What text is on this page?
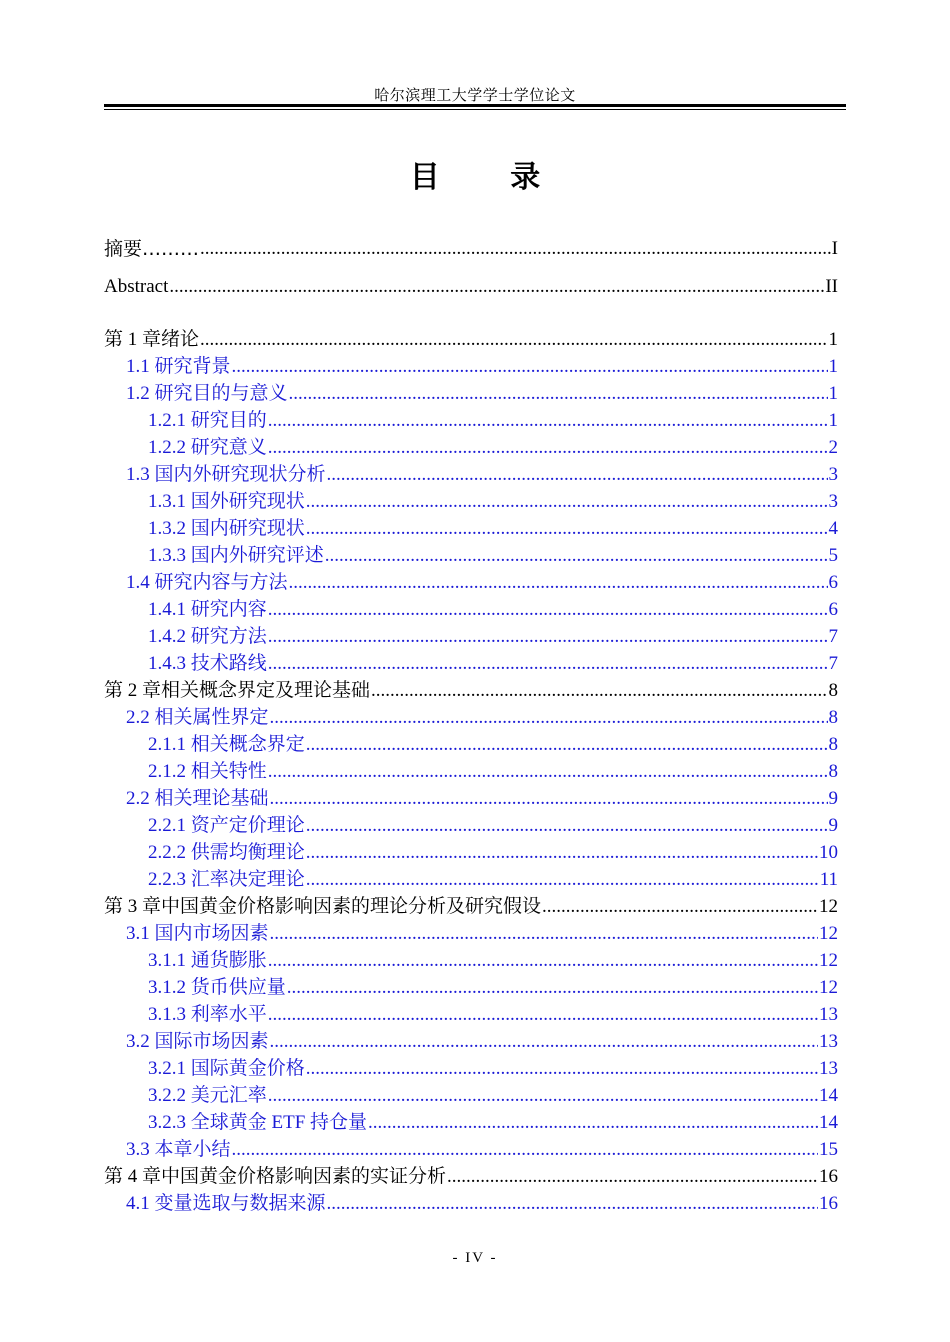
哈尔滨理工大学学士学位论文
目 录
摘要……… .....	I
Abstract .....	II
第 1 章绪论 .....	1
1.1 研究背景 .....	1
1.2 研究目的与意义 .....	1
1.2.1 研究目的 .....	1
1.2.2 研究意义 .....	2
1.3 国内外研究现状分析 .....	3
1.3.1 国外研究现状 .....	3
1.3.2 国内研究现状 .....	4
1.3.3 国内外研究评述 .....	5
1.4 研究内容与方法 .....	6
1.4.1 研究内容 .....	6
1.4.2 研究方法 .....	7
1.4.3 技术路线 .....	7
第 2 章相关概念界定及理论基础 .....	8
2.2 相关属性界定 .....	8
2.1.1 相关概念界定 .....	8
2.1.2 相关特性 .....	8
2.2 相关理论基础 .....	9
2.2.1 资产定价理论 .....	9
2.2.2 供需均衡理论 .....	10
2.2.3 汇率决定理论 .....	11
第 3 章中国黄金价格影响因素的理论分析及研究假设 .....	12
3.1 国内市场因素 .....	12
3.1.1 通货膨胀 .....	12
3.1.2 货币供应量 .....	12
3.1.3 利率水平 .....	13
3.2 国际市场因素 .....	13
3.2.1 国际黄金价格 .....	13
3.2.2 美元汇率 .....	14
3.2.3 全球黄金 ETF 持仓量 .....	14
3.3 本章小结 .....	15
第 4 章中国黄金价格影响因素的实证分析 .....	16
4.1 变量选取与数据来源 .....	16
- IV -
